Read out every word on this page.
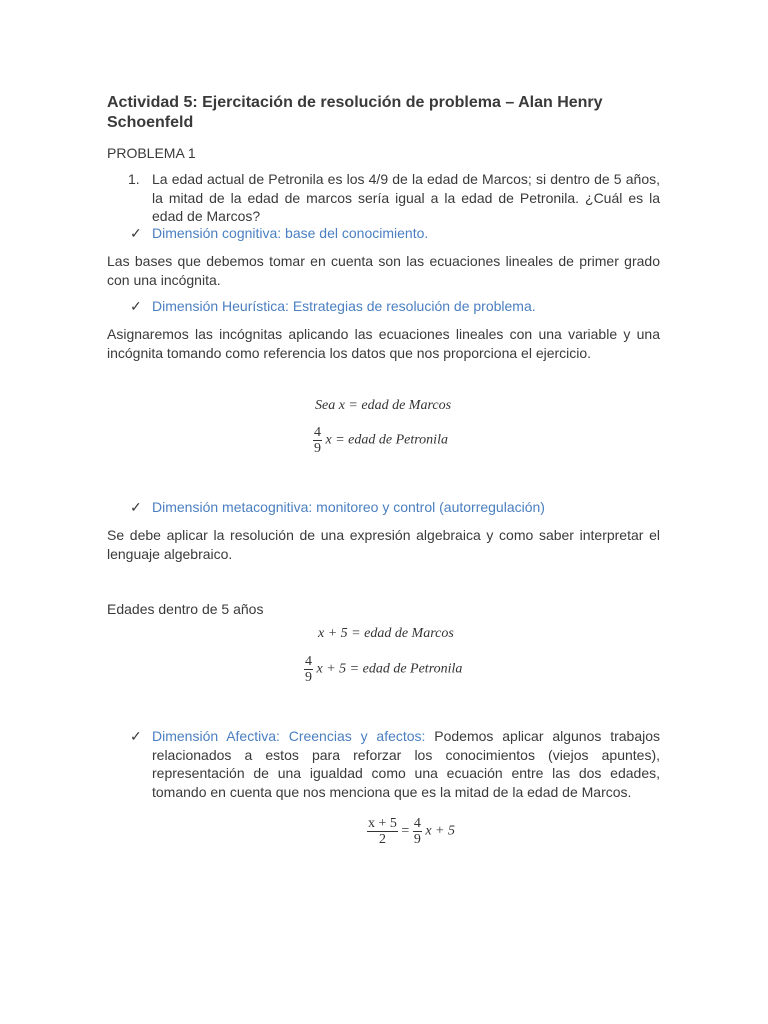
Actividad 5: Ejercitación de resolución de problema – Alan Henry Schoenfeld
PROBLEMA 1
1. La edad actual de Petronila es los 4/9 de la edad de Marcos; si dentro de 5 años, la mitad de la edad de marcos sería igual a la edad de Petronila. ¿Cuál es la edad de Marcos?
✓ Dimensión cognitiva: base del conocimiento.
Las bases que debemos tomar en cuenta son las ecuaciones lineales de primer grado con una incógnita.
✓ Dimensión Heurística: Estrategias de resolución de problema.
Asignaremos las incógnitas aplicando las ecuaciones lineales con una variable y una incógnita tomando como referencia los datos que nos proporciona el ejercicio.
Sea x = edad de Marcos
$\frac{4}{9}$ x = edad de Petronila
✓ Dimensión metacognitiva: monitoreo y control (autorregulación)
Se debe aplicar la resolución de una expresión algebraica y como saber interpretar el lenguaje algebraico.
Edades dentro de 5 años
x + 5 = edad de Marcos
$\frac{4}{9}$ x + 5 = edad de Petronila
✓ Dimensión Afectiva: Creencias y afectos: Podemos aplicar algunos trabajos relacionados a estos para reforzar los conocimientos (viejos apuntes), representación de una igualdad como una ecuación entre las dos edades, tomando en cuenta que nos menciona que es la mitad de la edad de Marcos.
$\frac{x + 5}{2} = \frac{4}{9}$ x + 5
